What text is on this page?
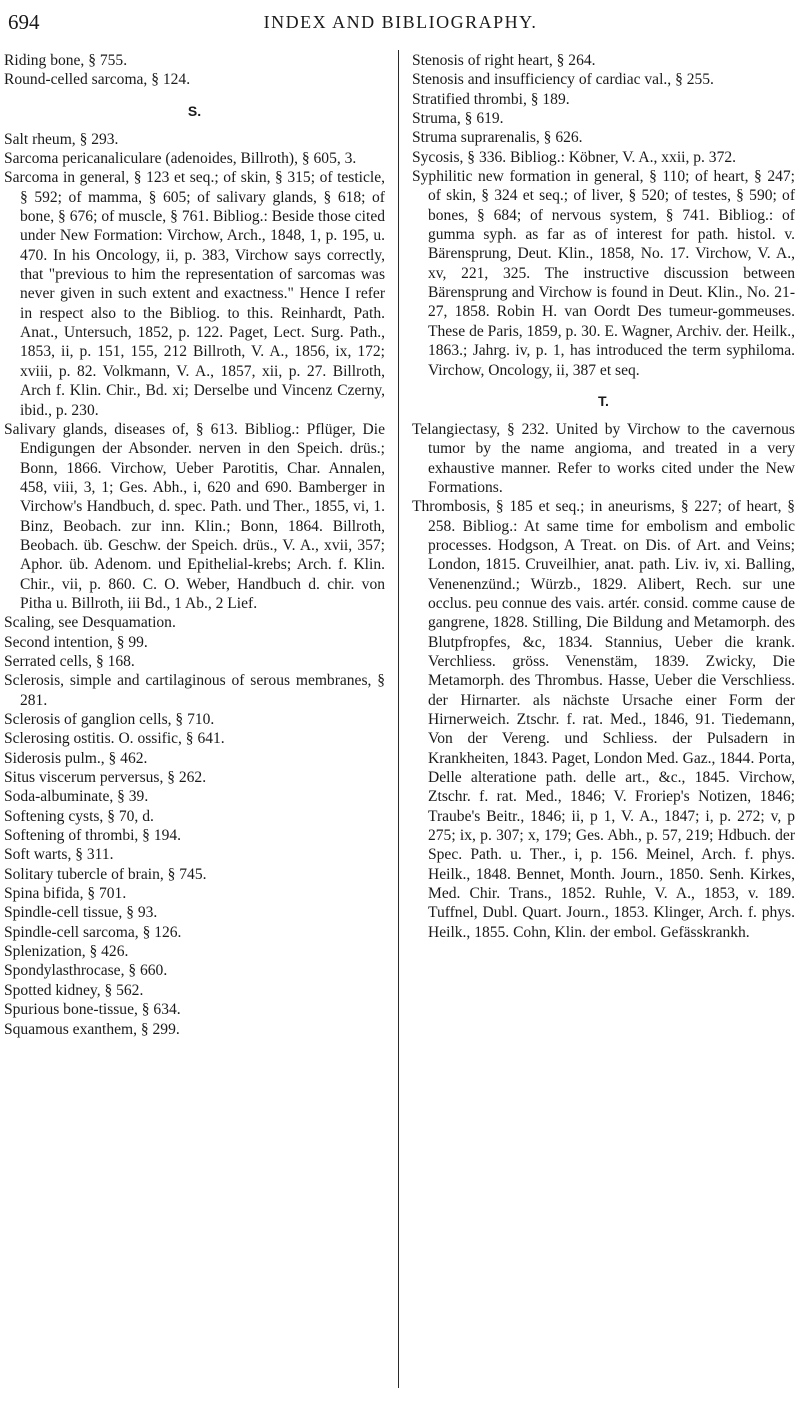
694	INDEX AND BIBLIOGRAPHY.

Riding bone, § 755.

Round-celled sarcoma, § 124.

S.

Salt rheum, § 293.

Sarcoma pericanaliculare (adenoides, Billroth), § 605, 3.

Sarcoma in general, § 123 et seq.; of skin, § 315; of testicle, § 592; of mamma, § 605; of salivary glands, § 618; of bone, § 676; of muscle, § 761. Bibliog.: Beside those cited under New Formation: Virchow, Arch., 1848, 1, p. 195, u. 470. In his Oncology, ii, p. 383, Virchow says correctly, that "previous to him the representation of sarcomas was never given in such extent and exactness." Hence I refer in respect also to the Bibliog. to this. Reinhardt, Path. Anat., Untersuch, 1852, p. 122. Paget, Lect. Surg. Path., 1853, ii, p. 151, 155, 212 Billroth, V. A., 1856, ix, 172; xviii, p. 82. Volkmann, V. A., 1857, xii, p. 27. Billroth, Arch f. Klin. Chir., Bd. xi; Derselbe und Vincenz Czerny, ibid., p. 230.

Salivary glands, diseases of, § 613. Bibliog.: Pflüger, Die Endigungen der Absonder. nerven in den Speich. drüs.; Bonn, 1866. Virchow, Ueber Parotitis, Char. Annalen, 458, viii, 3, 1; Ges. Abh., i, 620 and 690. Bamberger in Virchow's Handbuch, d. spec. Path. und Ther., 1855, vi, 1. Binz, Beobach. zur inn. Klin.; Bonn, 1864. Billroth, Beobach. üb. Geschw. der Speich. drüs., V. A., xvii, 357; Aphor. üb. Adenom. und Epithelial-krebs; Arch. f. Klin. Chir., vii, p. 860. C. O. Weber, Handbuch d. chir. von Pitha u. Billroth, iii Bd., 1 Ab., 2 Lief.

Scaling, see Desquamation.

Second intention, § 99.

Serrated cells, § 168.

Sclerosis, simple and cartilaginous of serous membranes, § 281.

Sclerosis of ganglion cells, § 710.

Sclerosing ostitis. O. ossific, § 641.

Siderosis pulm., § 462.

Situs viscerum perversus, § 262.

Soda-albuminate, § 39.

Softening cysts, § 70, d.

Softening of thrombi, § 194.

Soft warts, § 311.

Solitary tubercle of brain, § 745.

Spina bifida, § 701.

Spindle-cell tissue, § 93.

Spindle-cell sarcoma, § 126.

Splenization, § 426.

Spondylasthrocase, § 660.

Spotted kidney, § 562.

Spurious bone-tissue, § 634.

Squamous exanthem, § 299.

Stenosis of right heart, § 264.

Stenosis and insufficiency of cardiac val., § 255.

Stratified thrombi, § 189.

Struma, § 619.

Struma suprarenalis, § 626.

Sycosis, § 336. Bibliog.: Köbner, V. A., xxii, p. 372.

Syphilitic new formation in general, § 110; of heart, § 247; of skin, § 324 et seq.; of liver, § 520; of testes, § 590; of bones, § 684; of nervous system, § 741. Bibliog.: of gumma syph. as far as of interest for path. histol. v. Bärensprung, Deut. Klin., 1858, No. 17. Virchow, V. A., xv, 221, 325. The instructive discussion between Bärensprung and Virchow is found in Deut. Klin., No. 21-27, 1858. Robin H. van Oordt Des tumeur-gommeuses. These de Paris, 1859, p. 30. E. Wagner, Archiv. der. Heilk., 1863.; Jahrg. iv, p. 1, has introduced the term syphiloma. Virchow, Oncology, ii, 387 et seq.

T.

Telangiectasy, § 232. United by Virchow to the cavernous tumor by the name angioma, and treated in a very exhaustive manner. Refer to works cited under the New Formations.

Thrombosis, § 185 et seq.; in aneurisms, § 227; of heart, § 258. Bibliog.: At same time for embolism and embolic processes. Hodgson, A Treat. on Dis. of Art. and Veins; London, 1815. Cruveilhier, anat. path. Liv. iv, xi. Balling, Venenenzünd.; Würzb., 1829. Alibert, Rech. sur une occlus. peu connue des vais. artér. consid. comme cause de gangrene, 1828. Stilling, Die Bildung and Metamorph. des Blutpfropfes, &c, 1834. Stannius, Ueber die krank. Verchliess. gröss. Venenstäm, 1839. Zwicky, Die Metamorph. des Thrombus. Hasse, Ueber die Verschliess. der Hirnarter. als nächste Ursache einer Form der Hirnerweich. Ztschr. f. rat. Med., 1846, 91. Tiedemann, Von der Vereng. und Schliess. der Pulsadern in Krankheiten, 1843. Paget, London Med. Gaz., 1844. Porta, Delle alteratione path. delle art., &c., 1845. Virchow, Ztschr. f. rat. Med., 1846; V. Froriep's Notizen, 1846; Traube's Beitr., 1846; ii, p 1, V. A., 1847; i, p. 272; v, p 275; ix, p. 307; x, 179; Ges. Abh., p. 57, 219; Hdbuch. der Spec. Path. u. Ther., i, p. 156. Meinel, Arch. f. phys. Heilk., 1848. Bennet, Month. Journ., 1850. Senh. Kirkes, Med. Chir. Trans., 1852. Ruhle, V. A., 1853, v. 189. Tuffnel, Dubl. Quart. Journ., 1853. Klinger, Arch. f. phys. Heilk., 1855. Cohn, Klin. der embol. Gefässkrankh.
